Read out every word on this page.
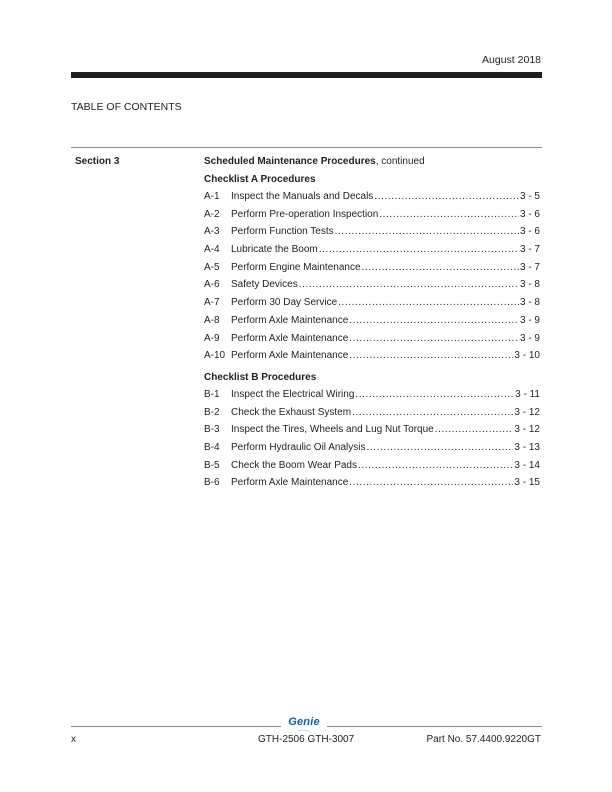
August 2018
TABLE OF CONTENTS
Section 3	Scheduled Maintenance Procedures, continued
Checklist A Procedures
A-1	Inspect the Manuals and Decals .....	3 - 5
A-2	Perform Pre-operation Inspection .....	3 - 6
A-3	Perform Function Tests .....	3 - 6
A-4	Lubricate the Boom .....	3 - 7
A-5	Perform Engine Maintenance .....	3 - 7
A-6	Safety Devices .....	3 - 8
A-7	Perform 30 Day Service .....	3 - 8
A-8	Perform Axle Maintenance .....	3 - 9
A-9	Perform Axle Maintenance .....	3 - 9
A-10 Perform Axle Maintenance .....	3 - 10
Checklist B Procedures
B-1	Inspect the Electrical Wiring .....	3 - 11
B-2	Check the Exhaust System .....	3 - 12
B-3	Inspect the Tires, Wheels and Lug Nut Torque .....	3 - 12
B-4	Perform Hydraulic Oil Analysis .....	3 - 13
B-5	Check the Boom Wear Pads .....	3 - 14
B-6	Perform Axle Maintenance .....	3 - 15
Genie
————
x	GTH-2506 GTH-3007	Part No. 57.4400.9220GT
